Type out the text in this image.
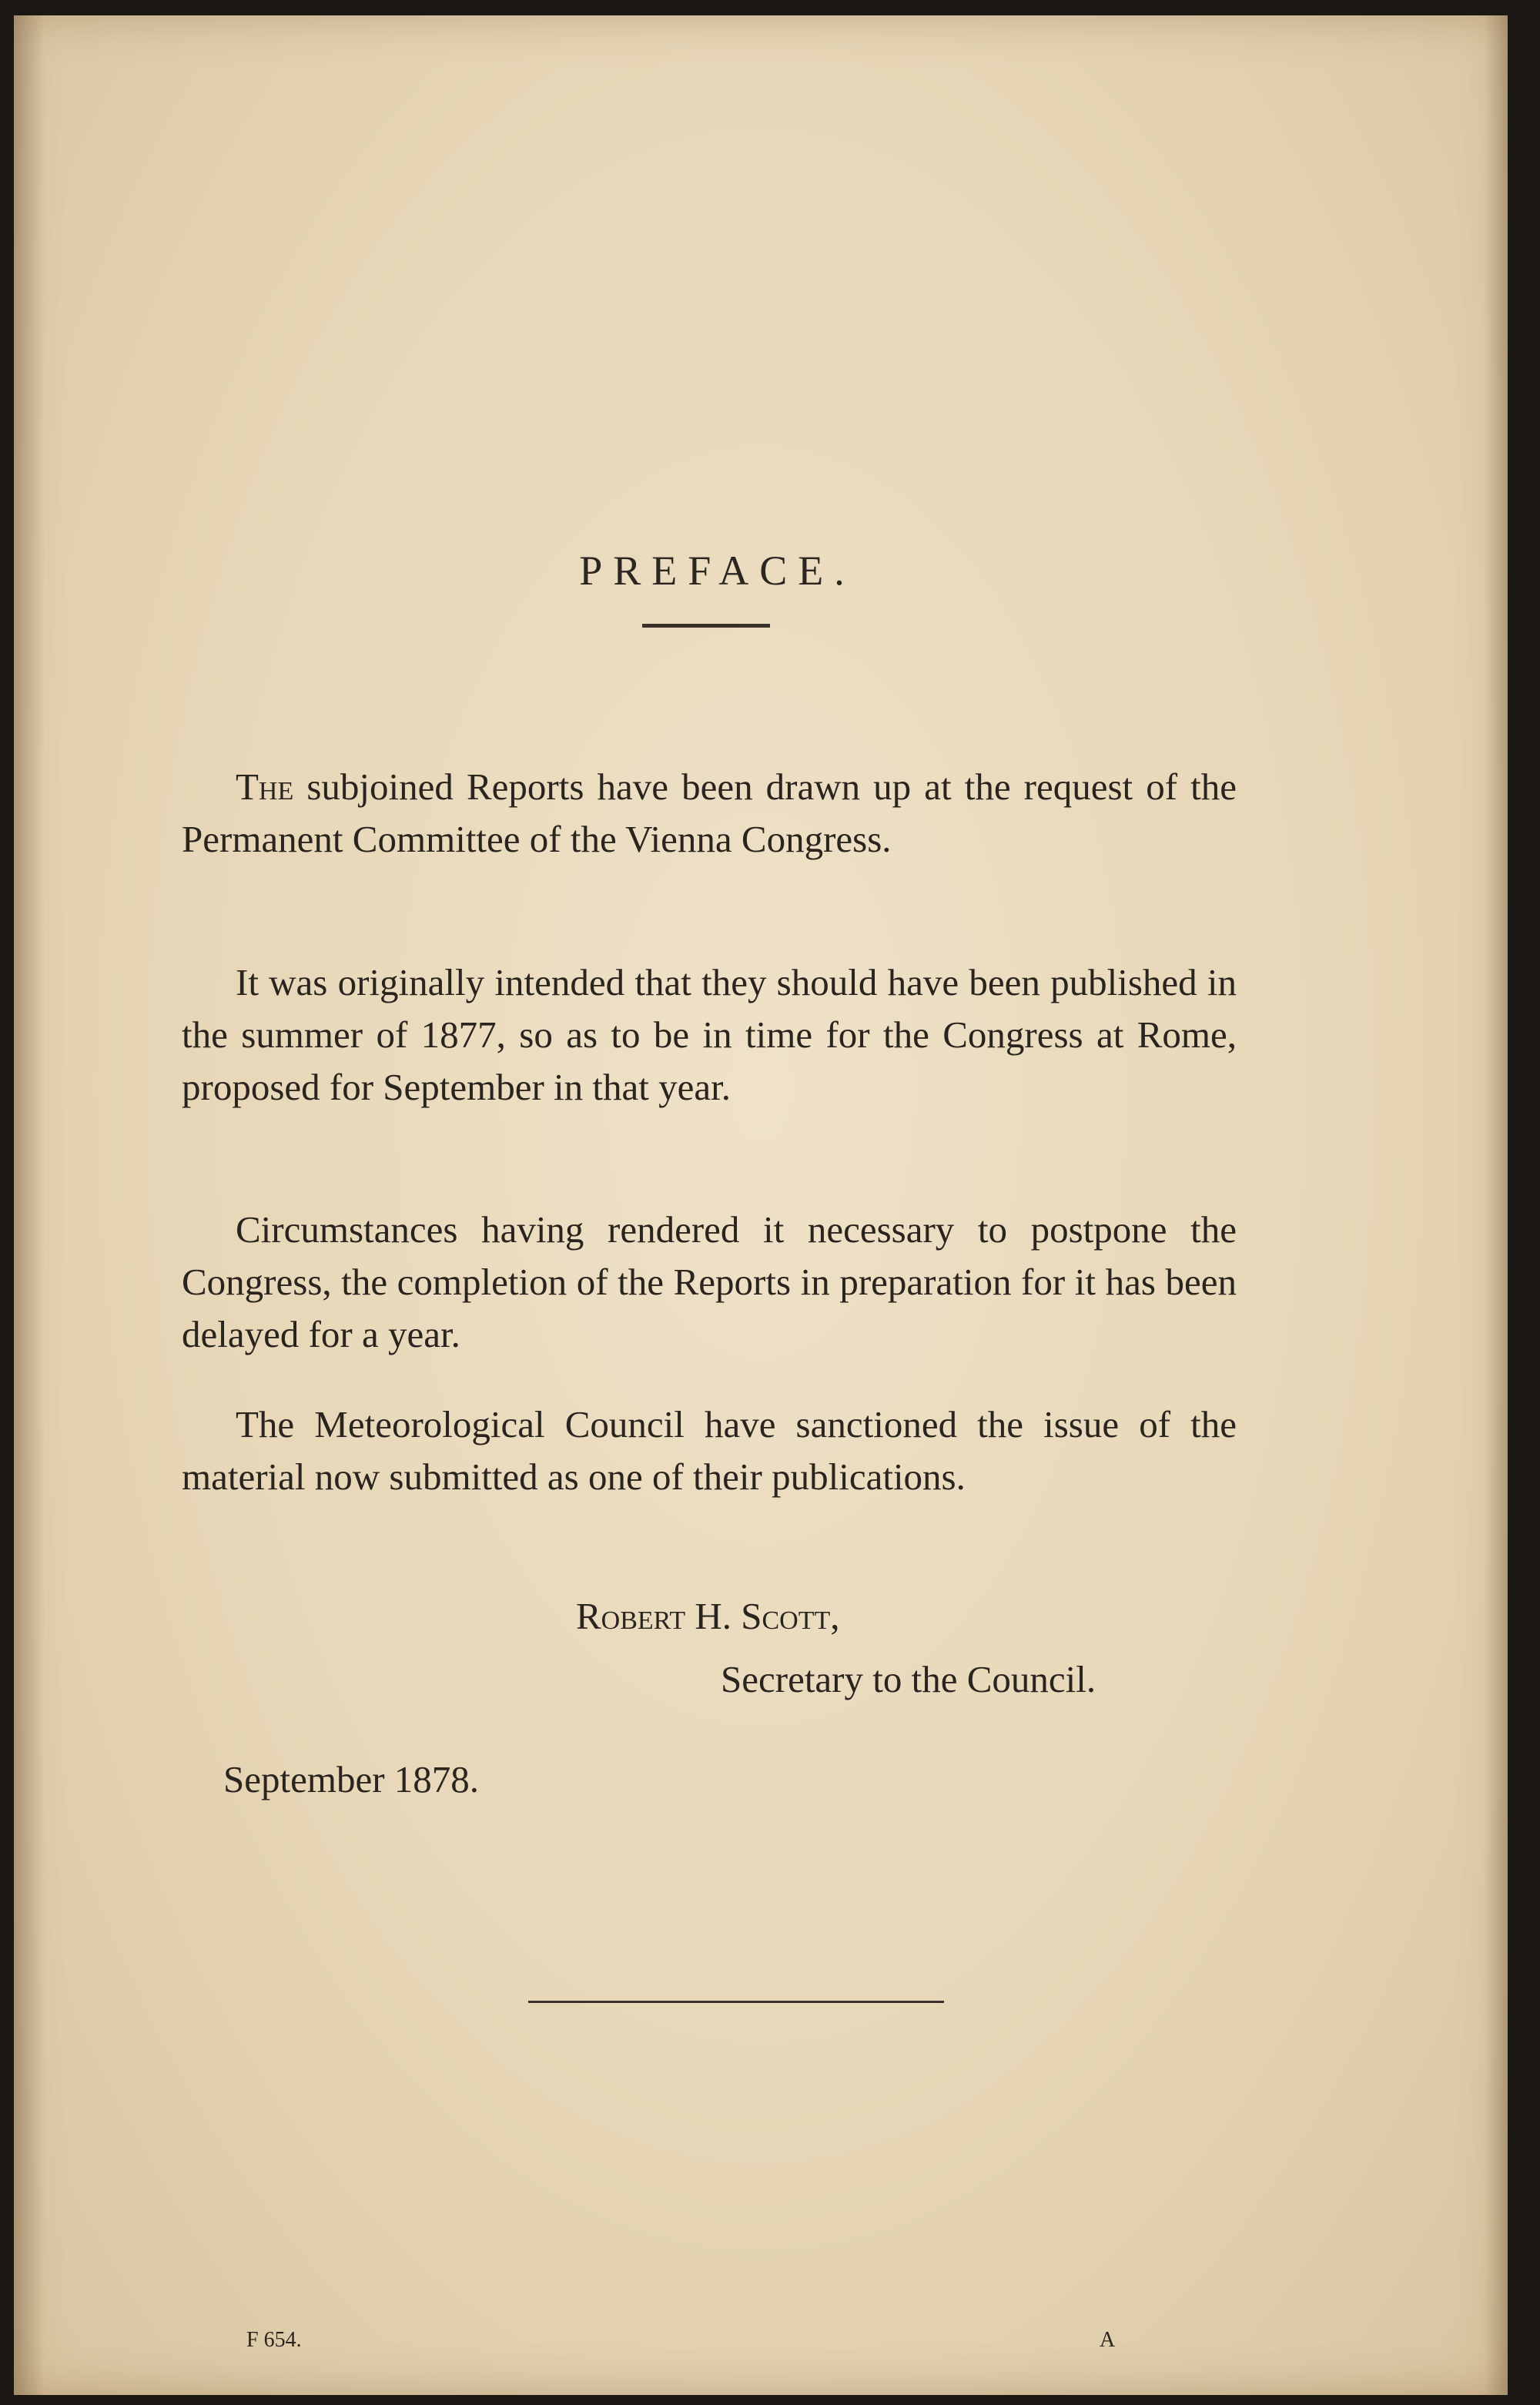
PREFACE.

The subjoined Reports have been drawn up at the request of the Permanent Committee of the Vienna Congress.

It was originally intended that they should have been published in the summer of 1877, so as to be in time for the Congress at Rome, proposed for September in that year.

Circumstances having rendered it necessary to postpone the Congress, the completion of the Reports in preparation for it has been delayed for a year.

The Meteorological Council have sanctioned the issue of the material now submitted as one of their publications.

Robert H. Scott,
Secretary to the Council.
September 1878.
F 654.	A
